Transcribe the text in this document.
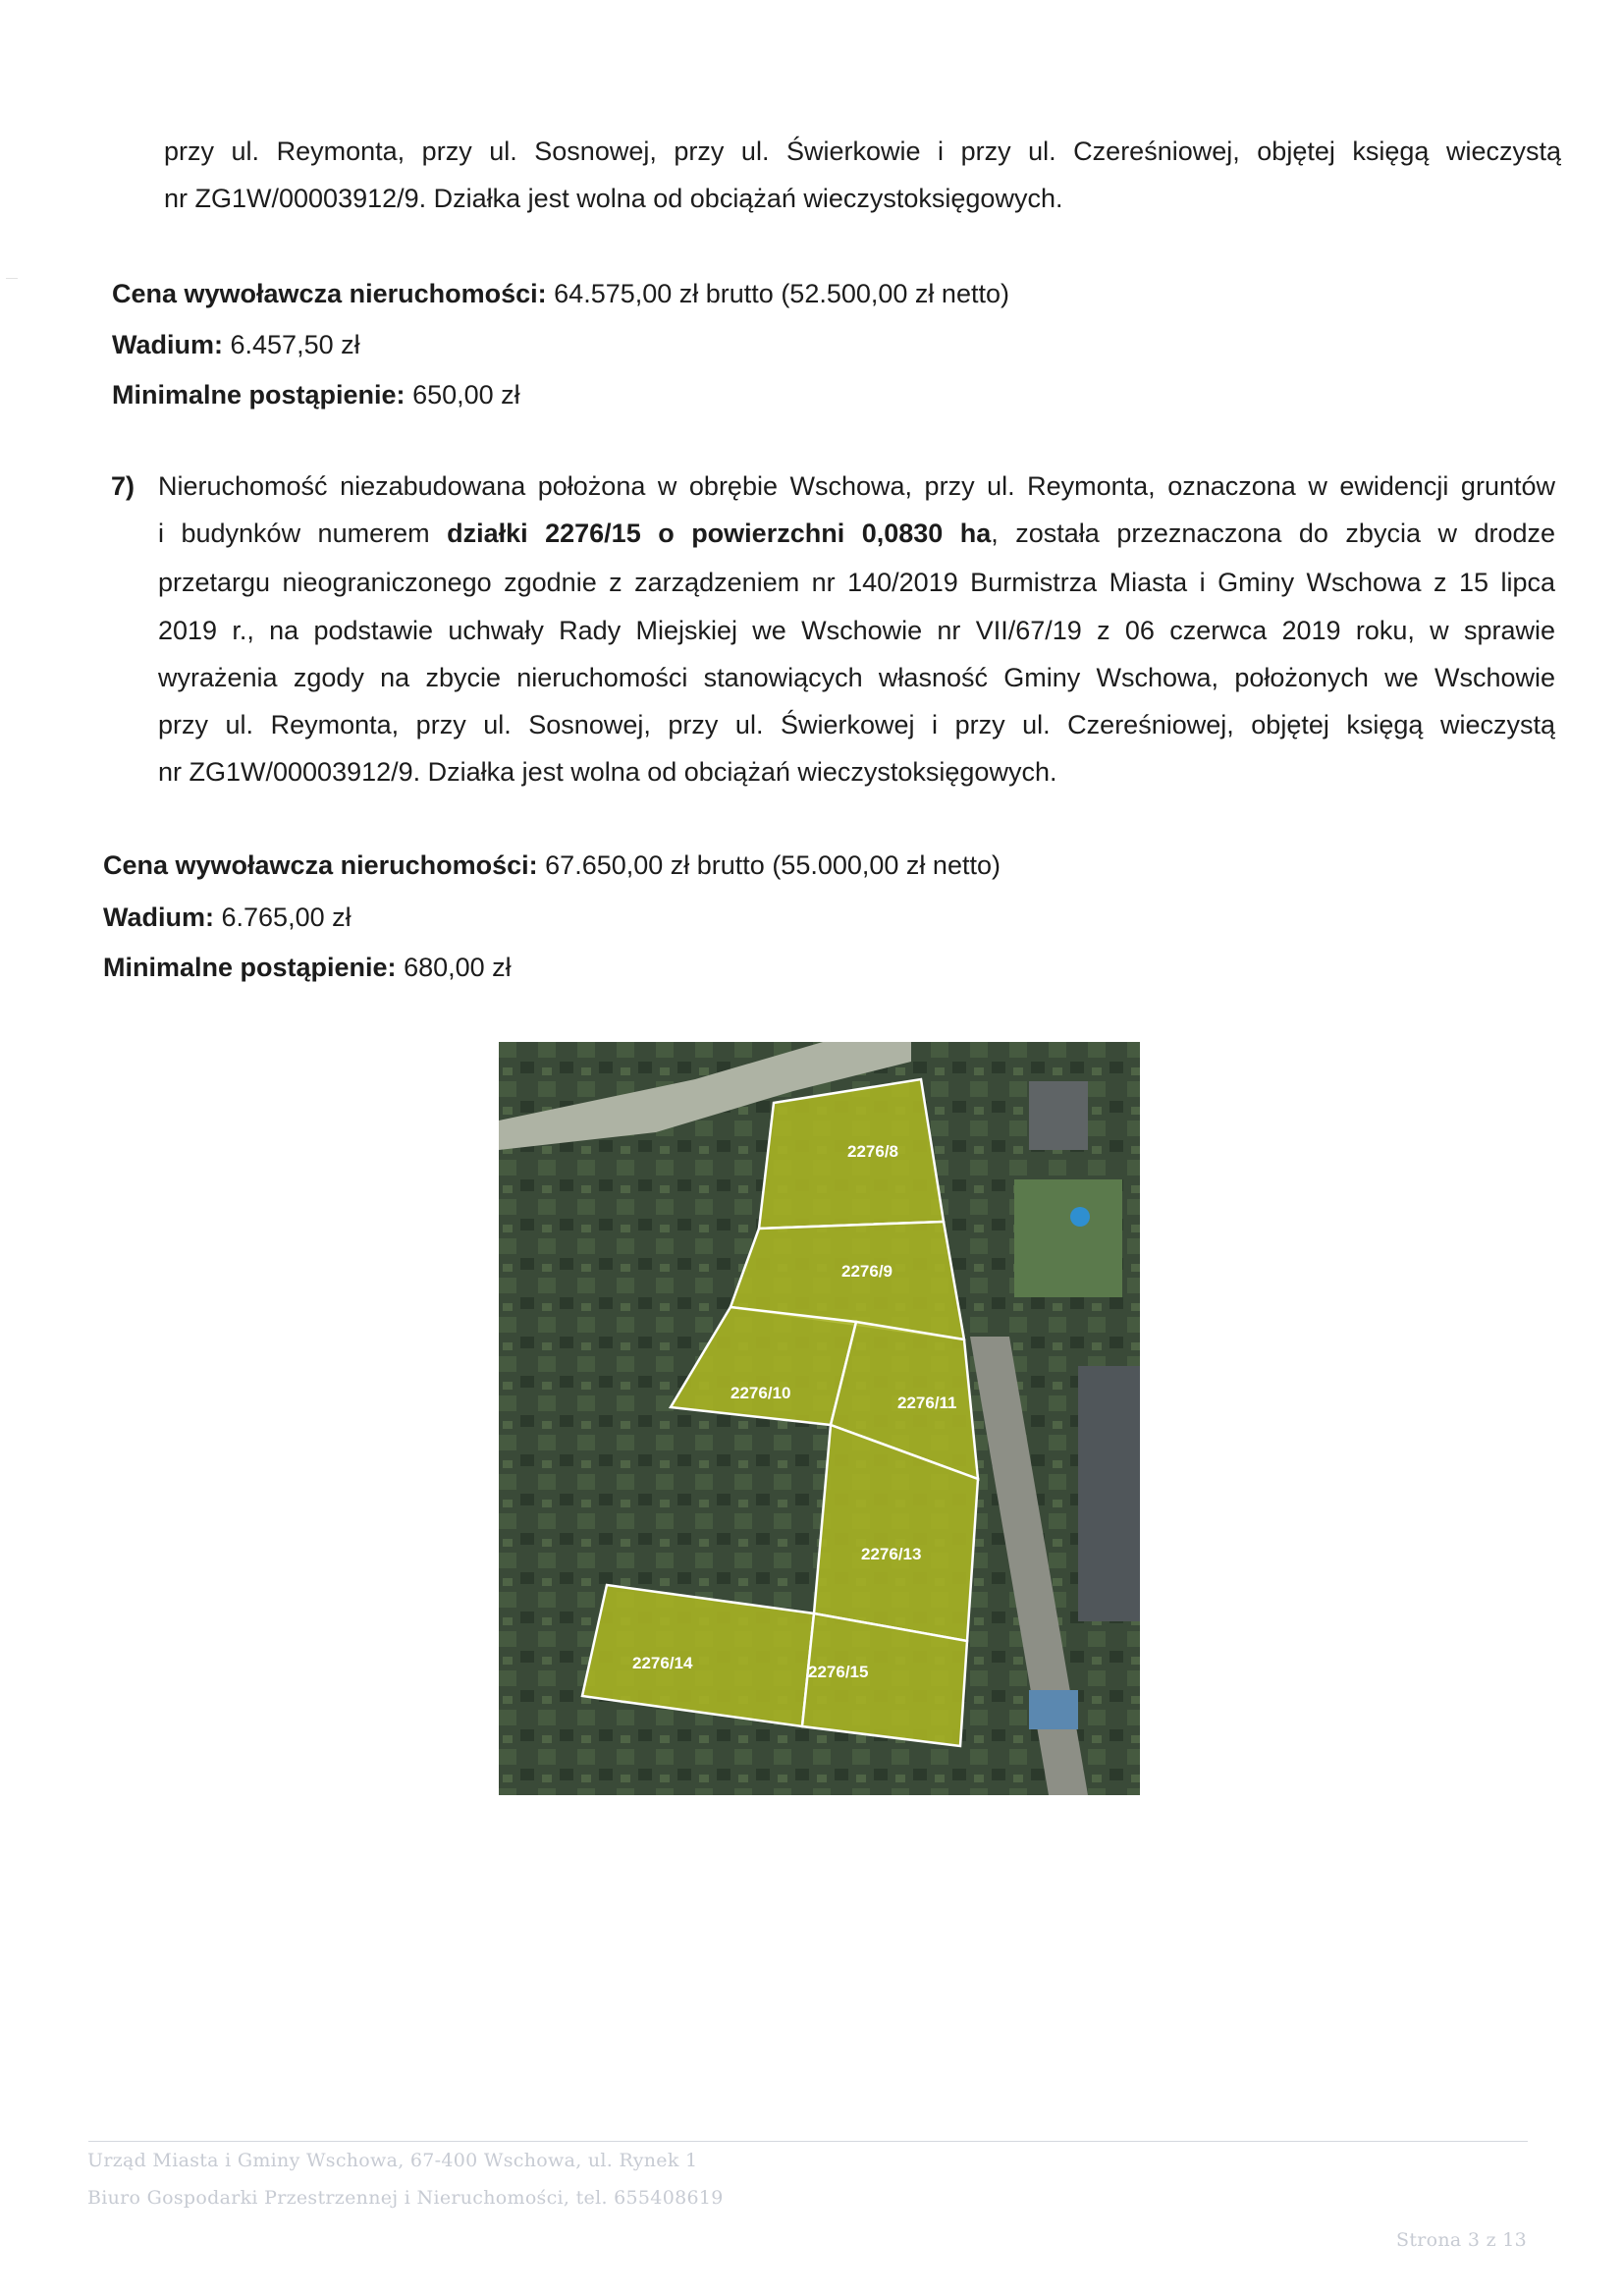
przy ul. Reymonta, przy ul. Sosnowej, przy ul. Świerkowie i przy ul. Czereśniowej, objętej księgą wieczystą
nr ZG1W/00003912/9. Działka jest wolna od obciążań wieczystoksięgowych.
Cena wywoławcza nieruchomości: 64.575,00 zł brutto (52.500,00 zł netto)
Wadium: 6.457,50 zł
Minimalne postąpienie: 650,00 zł
7) Nieruchomość niezabudowana położona w obrębie Wschowa, przy ul. Reymonta, oznaczona w ewidencji gruntów
i budynków numerem działki 2276/15 o powierzchni 0,0830 ha, została przeznaczona do zbycia w drodze
przetargu nieograniczonego zgodnie z zarządzeniem nr 140/2019 Burmistrza Miasta i Gminy Wschowa z 15 lipca
2019 r., na podstawie uchwały Rady Miejskiej we Wschowie nr VII/67/19 z 06 czerwca 2019 roku, w sprawie
wyrażenia zgody na zbycie nieruchomości stanowiących własność Gminy Wschowa, położonych we Wschowie
przy ul. Reymonta, przy ul. Sosnowej, przy ul. Świerkowej i przy ul. Czereśniowej, objętej księgą wieczystą
nr ZG1W/00003912/9. Działka jest wolna od obciążań wieczystoksięgowych.
Cena wywoławcza nieruchomości: 67.650,00 zł brutto (55.000,00 zł netto)
Wadium: 6.765,00 zł
Minimalne postąpienie: 680,00 zł
2276/8
2276/9
2276/10
2276/11
2276/13
2276/14	2276/15
Urząd Miasta i Gminy Wschowa, 67-400 Wschowa, ul. Rynek 1
Biuro Gospodarki Przestrzennej i Nieruchomości, tel. 655408619
Strona 3 z 13
